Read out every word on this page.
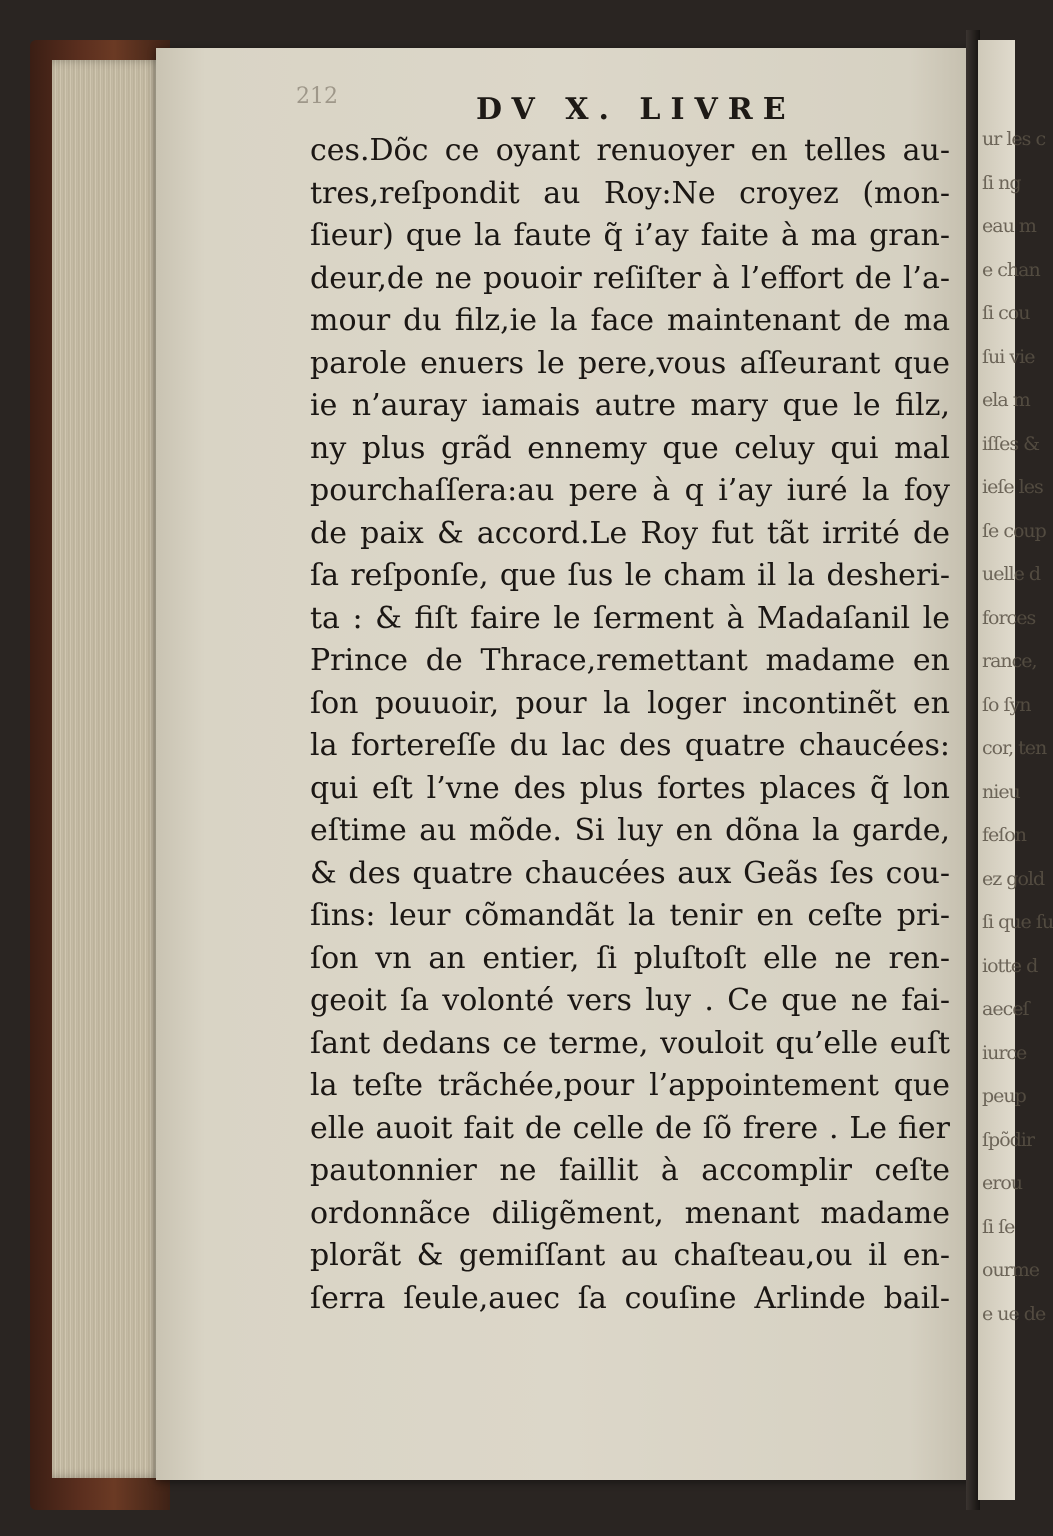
212	DV X. LIVRE
ces.Dõc ce oyant renuoyer en telles au-
tres,reſpondit au Roy:Ne croyez (mon-
ſieur) que la faute q̃ i’ay faite à ma gran-
deur,de ne pouoir reſiſter à l’effort de l’a-
mour du filz,ie la face maintenant de ma
parole enuers le pere,vous aſſeurant que
ie n’auray iamais autre mary que le filz,
ny plus grãd ennemy que celuy qui mal
pourchaſſera:au pere à q i’ay iuré la foy
de paix & accord.Le Roy fut tãt irrité de
ſa reſponſe, que ſus le cham il la desheri-
ta : & fiſt faire le ſerment à Madaſanil le
Prince de Thrace,remettant madame en
ſon pouuoir, pour la loger incontinẽt en
la fortereſſe du lac des quatre chaucées:
qui eſt l’vne des plus fortes places q̃ lon
eſtime au mõde. Si luy en dõna la garde,
& des quatre chaucées aux Geãs ſes cou-
ſins: leur cõmandãt la tenir en ceſte pri-
ſon vn an entier, ſi pluſtoſt elle ne ren-
geoit ſa volonté vers luy . Ce que ne fai-
ſant dedans ce terme, vouloit qu’elle euſt
la teſte trãchée,pour l’appointement que
elle auoit fait de celle de ſõ frere . Le fier
pautonnier ne faillit à accomplir ceſte
ordonnãce diligẽment, menant madame
plorãt & gemiſſant au chaſteau,ou il en-
ſerra ſeule,auec ſa couſine Arlinde bail-
ur les c
ſi ng
eau m
e chan
ſi cou
ſui vie
ela m
iſſes &
ieſe les
ſe coup
uelle d
forces
rance,
ſo ſyn
cor, ten
nieu
feſon
ez gold
ſi que ſu
iotte d
aeceſ
iurce
peup
ſpõdir
erou
ſi ſe
ourme
e ue de
